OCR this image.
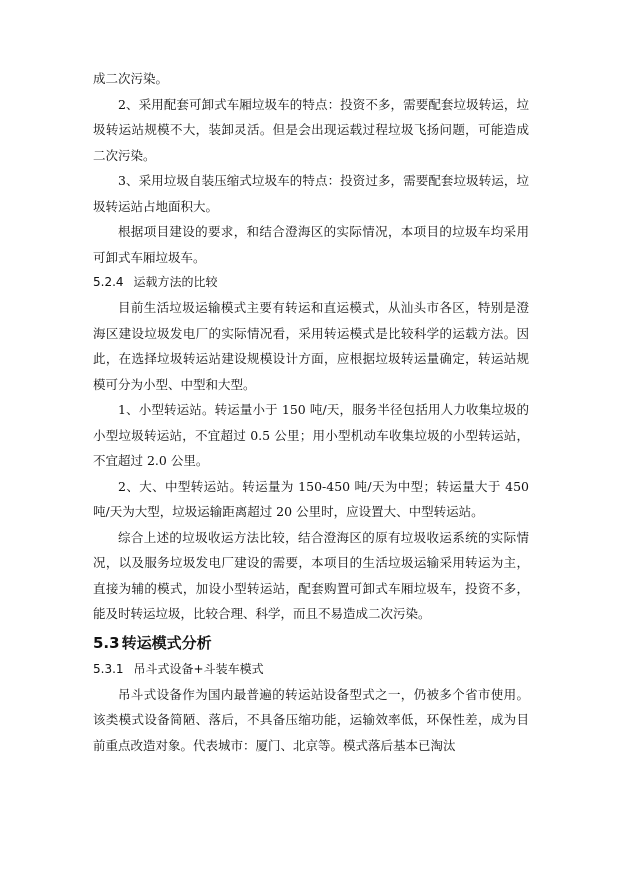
成二次污染。

2、采用配套可卸式车厢垃圾车的特点：投资不多，需要配套垃圾转运，垃圾转运站规模不大，装卸灵活。但是会出现运载过程垃圾飞扬问题，可能造成二次污染。

3、采用垃圾自装压缩式垃圾车的特点：投资过多，需要配套垃圾转运，垃圾转运站占地面积大。

根据项目建设的要求，和结合澄海区的实际情况，本项目的垃圾车均采用可卸式车厢垃圾车。

5.2.4 运载方法的比较

目前生活垃圾运输模式主要有转运和直运模式，从汕头市各区，特别是澄海区建设垃圾发电厂的实际情况看，采用转运模式是比较科学的运载方法。因此，在选择垃圾转运站建设规模设计方面，应根据垃圾转运量确定，转运站规模可分为小型、中型和大型。

1、小型转运站。转运量小于 150 吨/天，服务半径包括用人力收集垃圾的小型垃圾转运站，不宜超过 0.5 公里；用小型机动车收集垃圾的小型转运站，不宜超过 2.0 公里。

2、大、中型转运站。转运量为 150-450 吨/天为中型；转运量大于 450 吨/天为大型，垃圾运输距离超过 20 公里时，应设置大、中型转运站。

综合上述的垃圾收运方法比较，结合澄海区的原有垃圾收运系统的实际情况，以及服务垃圾发电厂建设的需要，本项目的生活垃圾运输采用转运为主，直接为辅的模式，加设小型转运站，配套购置可卸式车厢垃圾车，投资不多，能及时转运垃圾，比较合理、科学，而且不易造成二次污染。

5.3 转运模式分析
5.3.1 吊斗式设备+斗装车模式

吊斗式设备作为国内最普遍的转运站设备型式之一，仍被多个省市使用。该类模式设备简陋、落后，不具备压缩功能，运输效率低，环保性差，成为目前重点改造对象。代表城市：厦门、北京等。模式落后基本已淘汰
